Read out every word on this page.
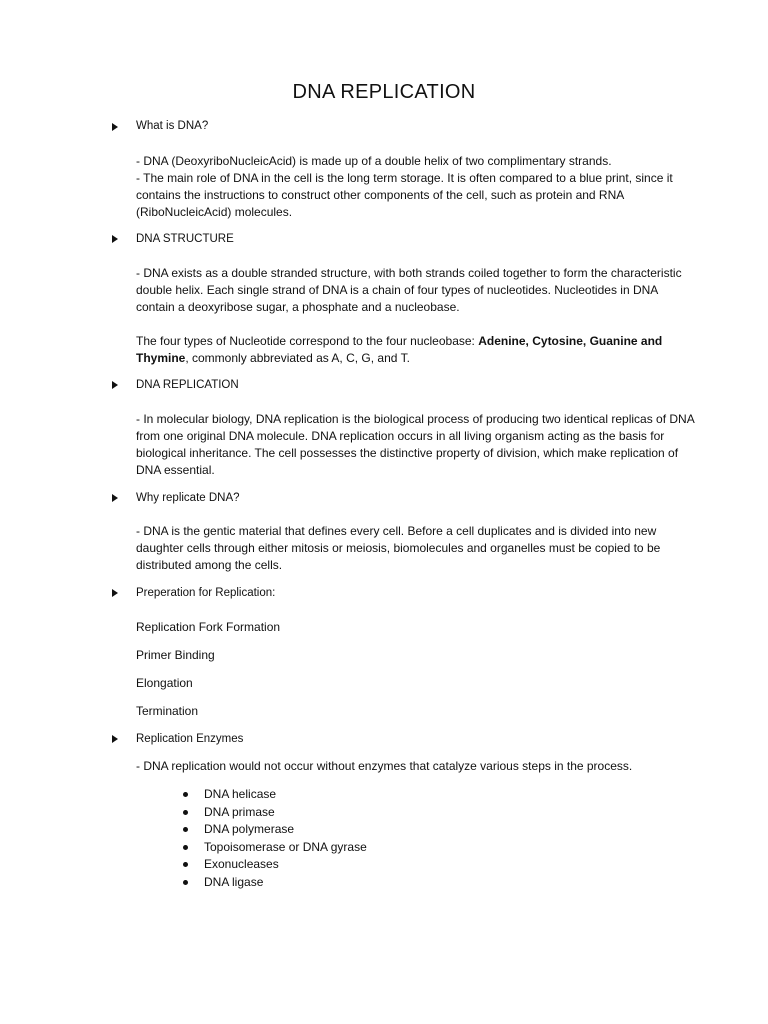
DNA REPLICATION
What is DNA?

- DNA (DeoxyriboNucleicAcid) is made up of a double helix of two complimentary strands.

- The main role of DNA in the cell is the long term storage. It is often compared to a blue print, since it contains the instructions to construct other components of the cell, such as protein and RNA (RiboNucleicAcid) molecules.

DNA STRUCTURE
- DNA exists as a double stranded structure, with both strands coiled together to form the characteristic double helix. Each single strand of DNA is a chain of four types of nucleotides. Nucleotides in DNA contain a deoxyribose sugar, a phosphate and a nucleobase.
The four types of Nucleotide correspond to the four nucleobase: Adenine, Cytosine, Guanine and Thymine, commonly abbreviated as A, C, G, and T.
DNA REPLICATION
- In molecular biology, DNA replication is the biological process of producing two identical replicas of DNA from one original DNA molecule. DNA replication occurs in all living organism acting as the basis for biological inheritance. The cell possesses the distinctive property of division, which make replication of DNA essential.
Why replicate DNA?
- DNA is the gentic material that defines every cell. Before a cell duplicates and is divided into new daughter cells through either mitosis or meiosis, biomolecules and organelles must be copied to be distributed among the cells.
Preperation for Replication:
Replication Fork Formation
Primer Binding
Elongation
Termination
Replication Enzymes
- DNA replication would not occur without enzymes that catalyze various steps in the process.
DNA helicase
DNA primase
DNA polymerase
Topoisomerase or DNA gyrase
Exonucleases
DNA ligase
